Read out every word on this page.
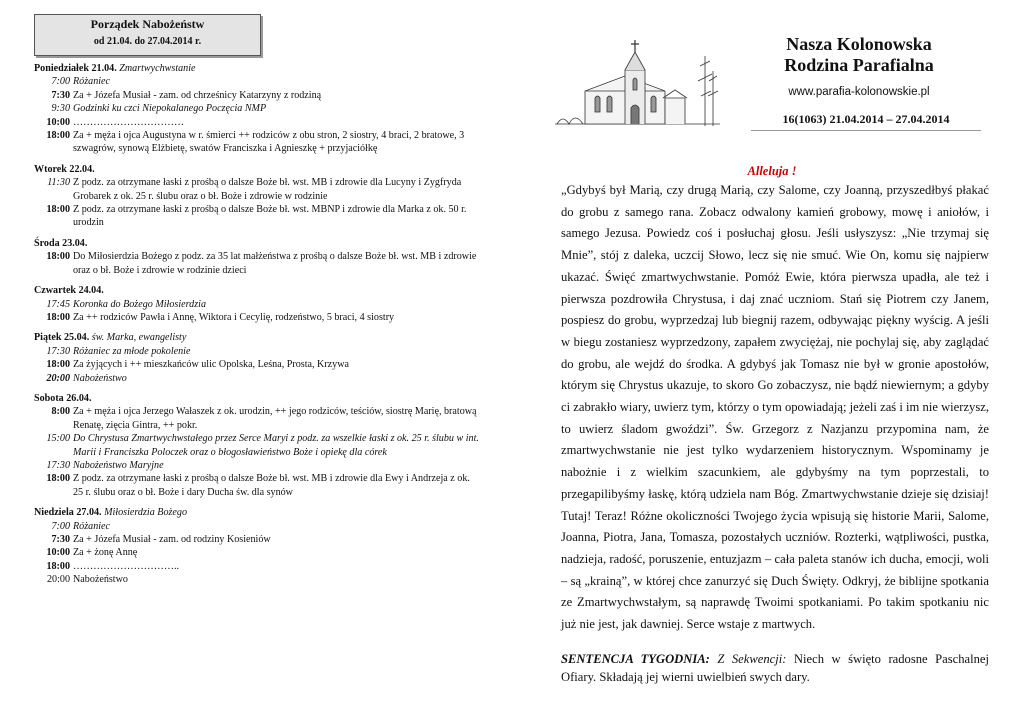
Porządek Nabożeństw
od 21.04. do 27.04.2014 r.
Poniedziałek 21.04. Zmartwychwstanie
7:00 Różaniec
7:30 Za + Józefa Musiał - zam. od chrześnicy Katarzyny z rodziną
9:30 Godzinki ku czci Niepokalanego Poczęcia NMP
10:00 ……………………………
18:00 Za + męża i ojca Augustyna w r. śmierci ++ rodziców z obu stron, 2 siostry, 4 braci, 2 bratowe, 3 szwagrów, synową Elżbietę, swatów Franciszka i Agnieszkę + przyjaciółkę
Wtorek 22.04.
11:30 Z podz. za otrzymane łaski z prośbą o dalsze Boże bł. wst. MB i zdrowie dla Lucyny i Zygfryda Grobarek z ok. 25 r. ślubu oraz o bł. Boże i zdrowie w rodzinie
18:00 Z podz. za otrzymane łaski z prośbą o dalsze Boże bł. wst. MBNP i zdrowie dla Marka z ok. 50 r. urodzin
Środa 23.04.
18:00 Do Miłosierdzia Bożego z podz. za 35 lat małżeństwa z prośbą o dalsze Boże bł. wst. MB i zdrowie oraz o bł. Boże i zdrowie w rodzinie dzieci
Czwartek 24.04.
17:45 Koronka do Bożego Miłosierdzia
18:00 Za ++ rodziców Pawła i Annę, Wiktora i Cecylię, rodzeństwo, 5 braci, 4 siostry
Piątek 25.04. św. Marka, ewangelisty
17:30 Różaniec za młode pokolenie
18:00 Za żyjących i ++ mieszkańców ulic Opolska, Leśna, Prosta, Krzywa
20:00 Nabożeństwo
Sobota 26.04.
8:00 Za + męża i ojca Jerzego Wałaszek z ok. urodzin, ++ jego rodziców, teściów, siostrę Marię, bratową Renatę, zięcia Gintra, ++ pokr.
15:00 Do Chrystusa Zmartwychwstałego przez Serce Maryi z podz. za wszelkie łaski z ok. 25 r. ślubu w int. Marii i Franciszka Poloczek oraz o błogosławieństwo Boże i opiekę dla córek
17:30 Nabożeństwo Maryjne
18:00 Z podz. za otrzymane łaski z prośbą o dalsze Boże bł. wst. MB i zdrowie dla Ewy i Andrzeja z ok. 25 r. ślubu oraz o bł. Boże i dary Ducha św. dla synów
Niedziela 27.04. Miłosierdzia Bożego
7:00 Różaniec
7:30 Za + Józefa Musiał - zam. od rodziny Kosieniów
10:00 Za + żonę Annę
18:00 …………………………..
20:00 Nabożeństwo
Nasza Kolonowska
Rodzina Parafialna
www.parafia-kolonowskie.pl
16(1063) 21.04.2014 – 27.04.2014
Alleluja !
„Gdybyś był Marią, czy drugą Marią, czy Salome, czy Joanną, przyszedłbyś płakać do grobu z samego rana. Zobacz odwalony kamień grobowy, mowę i aniołów, i samego Jezusa. Powiedz coś i posłuchaj głosu. Jeśli usłyszysz: „Nie trzymaj się Mnie”, stój z daleka, uczcij Słowo, lecz się nie smuć. Wie On, komu się najpierw ukazać. Święć zmartwychwstanie. Pomóż Ewie, która pierwsza upadła, ale też i pierwsza pozdrowiła Chrystusa, i daj znać uczniom. Stań się Piotrem czy Janem, pospiesz do grobu, wyprzedzaj lub biegnij razem, odbywając piękny wyścig. A jeśli w biegu zostaniesz wyprzedzony, zapałem zwyciężaj, nie pochylaj się, aby zaglądać do grobu, ale wejdź do środka. A gdybyś jak Tomasz nie był w gronie apostołów, którym się Chrystus ukazuje, to skoro Go zobaczysz, nie bądź niewiernym; a gdyby ci zabrakło wiary, uwierz tym, którzy o tym opowiadają; jeżeli zaś i im nie wierzysz, to uwierz śladom gwoździ”. Św. Grzegorz z Nazjanzu przypomina nam, że zmartwychwstanie nie jest tylko wydarzeniem historycznym. Wspominamy je nabożnie i z wielkim szacunkiem, ale gdybyśmy na tym poprzestali, to przegapilibyśmy łaskę, którą udziela nam Bóg. Zmartwychwstanie dzieje się dzisiaj! Tutaj! Teraz! Różne okoliczności Twojego życia wpisują się historie Marii, Salome, Joanna, Piotra, Jana, Tomasza, pozostałych uczniów. Rozterki, wątpliwości, pustka, nadzieja, radość, poruszenie, entuzjazm – cała paleta stanów ich ducha, emocji, woli – są „krainą”, w której chce zanurzyć się Duch Święty. Odkryj, że biblijne spotkania ze Zmartwychwstałym, są naprawdę Twoimi spotkaniami. Po takim spotkaniu nic już nie jest, jak dawniej. Serce wstaje z martwych.
SENTENCJA TYGODNIA: Z Sekwencji: Niech w święto radosne Paschalnej Ofiary. Składają jej wierni uwielbień swych dary.
